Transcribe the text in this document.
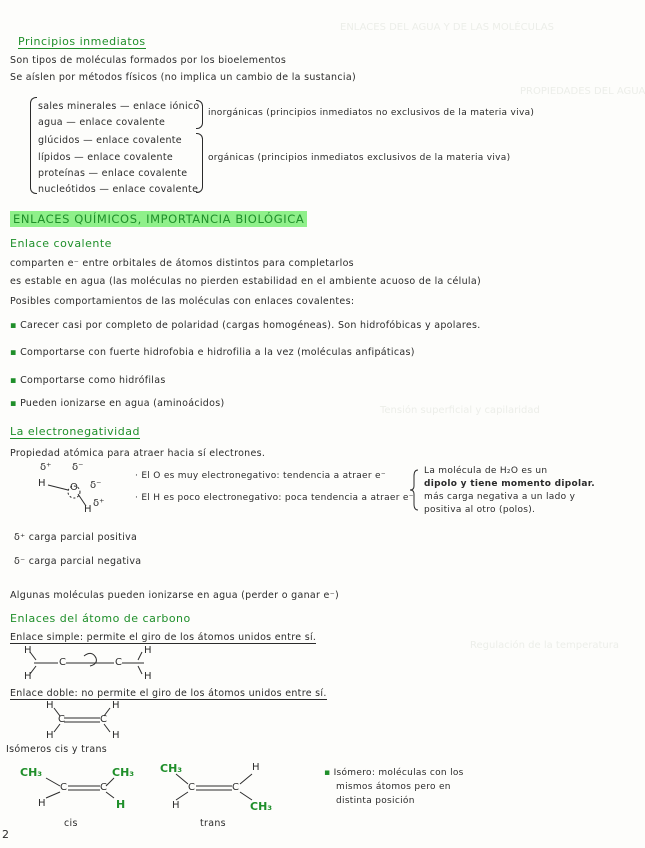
ENLACES DEL AGUA Y DE LAS MOLÉCULAS
PROPIEDADES DEL AGUA
Tensión superficial y capilaridad
Regulación de la temperatura
Principios inmediatos
Son tipos de moléculas formados por los bioelementos
Se aíslen por métodos físicos (no implica un cambio de la sustancia)
sales minerales — enlace iónico
agua — enlace covalente
glúcidos — enlace covalente
lípidos — enlace covalente
proteínas — enlace covalente
nucleótidos — enlace covalente
inorgánicas (principios inmediatos no exclusivos de la materia viva)
orgánicas (principios inmediatos exclusivos de la materia viva)
ENLACES QUÍMICOS, IMPORTANCIA BIOLÓGICA
Enlace covalente
comparten e⁻ entre orbitales de átomos distintos para completarlos
es estable en agua (las moléculas no pierden estabilidad en el ambiente acuoso de la célula)
Posibles comportamientos de las moléculas con enlaces covalentes:
▪ Carecer casi por completo de polaridad (cargas homogéneas). Son hidrofóbicas y apolares.
▪ Comportarse con fuerte hidrofobia e hidrofilia a la vez (moléculas anfipáticas)
▪ Comportarse como hidrófilas
▪ Pueden ionizarse en agua (aminoácidos)
La electronegatividad
Propiedad atómica para atraer hacia sí electrones.
δ⁺ δ⁻
H O δ⁻
H
δ⁺
· El O es muy electronegativo: tendencia a atraer e⁻
· El H es poco electronegativo: poca tendencia a atraer e⁻
La molécula de H₂O es un
dipolo y tiene momento dipolar.
más carga negativa a un lado y
positiva al otro (polos).
δ⁺ carga parcial positiva
δ⁻ carga parcial negativa
Algunas moléculas pueden ionizarse en agua (perder o ganar e⁻)
Enlaces del átomo de carbono
Enlace simple: permite el giro de los átomos unidos entre sí.
H
H
C	C
H
H
Enlace doble: no permite el giro de los átomos unidos entre sí.
H
H
C	C
H
H
Isómeros cis y trans
CH₃
C	C
CH₃
H	H
cis
CH₃
C	C
H
H	CH₃
trans
▪ Isómero: moléculas con los
mismos átomos pero en
distinta posición
2
